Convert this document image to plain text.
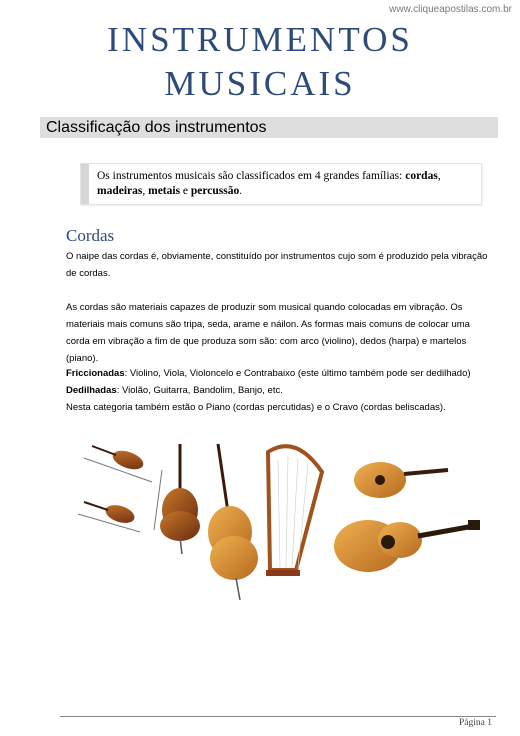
www.cliqueapostilas.com.br
INSTRUMENTOS
MUSICAIS
Classificação dos instrumentos
Os instrumentos musicais são classificados em 4 grandes famílias: cordas,
madeiras, metais e percussão.
Cordas
O naipe das cordas é, obviamente, constituído por instrumentos cujo som é produzido pela vibração de cordas.
As cordas são materiais capazes de produzir som musical quando colocadas em vibração. Os materiais mais comuns são tripa, seda, arame e náilon. As formas mais comuns de colocar uma corda em vibração a fim de que produza som são: com arco (violino), dedos (harpa) e martelos (piano).
Friccionadas: Violino, Viola, Violoncelo e Contrabaixo (este último também pode ser dedilhado)
Dedilhadas: Violão, Guitarra, Bandolim, Banjo, etc.
Nesta categoria também estão o Piano (cordas percutidas) e o Cravo (cordas beliscadas).
Página 1
